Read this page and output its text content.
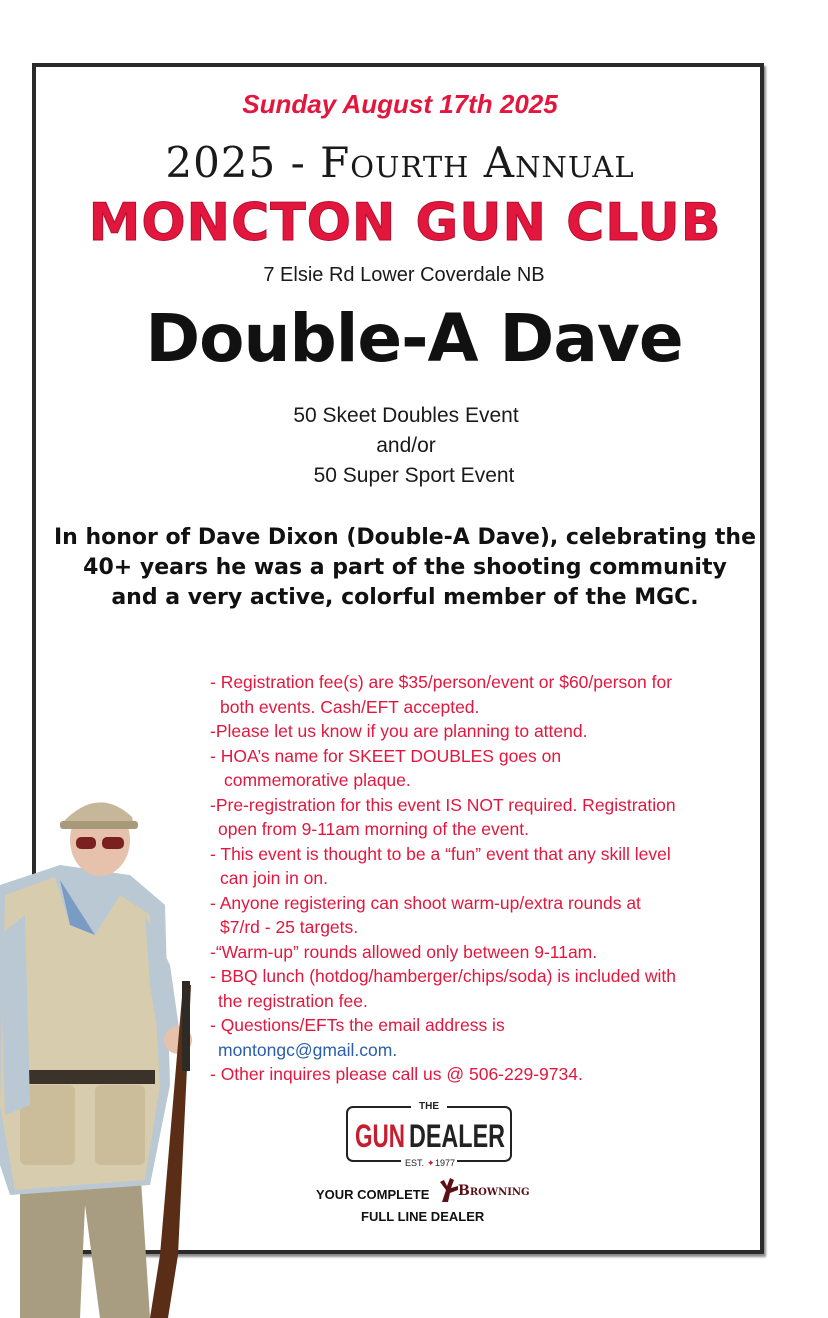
Sunday August 17th 2025
2025 - Fourth Annual
MONCTON GUN CLUB
7 Elsie Rd Lower Coverdale NB
Double-A Dave
50 Skeet Doubles Event
and/or
50 Super Sport Event
In honor of Dave Dixon (Double-A Dave), celebrating the
40+ years he was a part of the shooting community
and a very active, colorful member of the MGC.
- Registration fee(s) are $35/person/event or $60/person for
both events. Cash/EFT accepted.
-Please let us know if you are planning to attend.
- HOA’s name for SKEET DOUBLES goes on
commemorative plaque.
-Pre-registration for this event IS NOT required. Registration
open from 9-11am morning of the event.
- This event is thought to be a “fun” event that any skill level
can join in on.
- Anyone registering can shoot warm-up/extra rounds at
$7/rd - 25 targets.
-“Warm-up” rounds allowed only between 9-11am.
- BBQ lunch (hotdog/hamberger/chips/soda) is included with
the registration fee.
- Questions/EFTs the email address is
montongc@gmail.com.
- Other inquires please call us @ 506-229-9734.
THE
GUN DEALER
EST. ✦ 1977
YOUR COMPLETE Browning
FULL LINE DEALER
